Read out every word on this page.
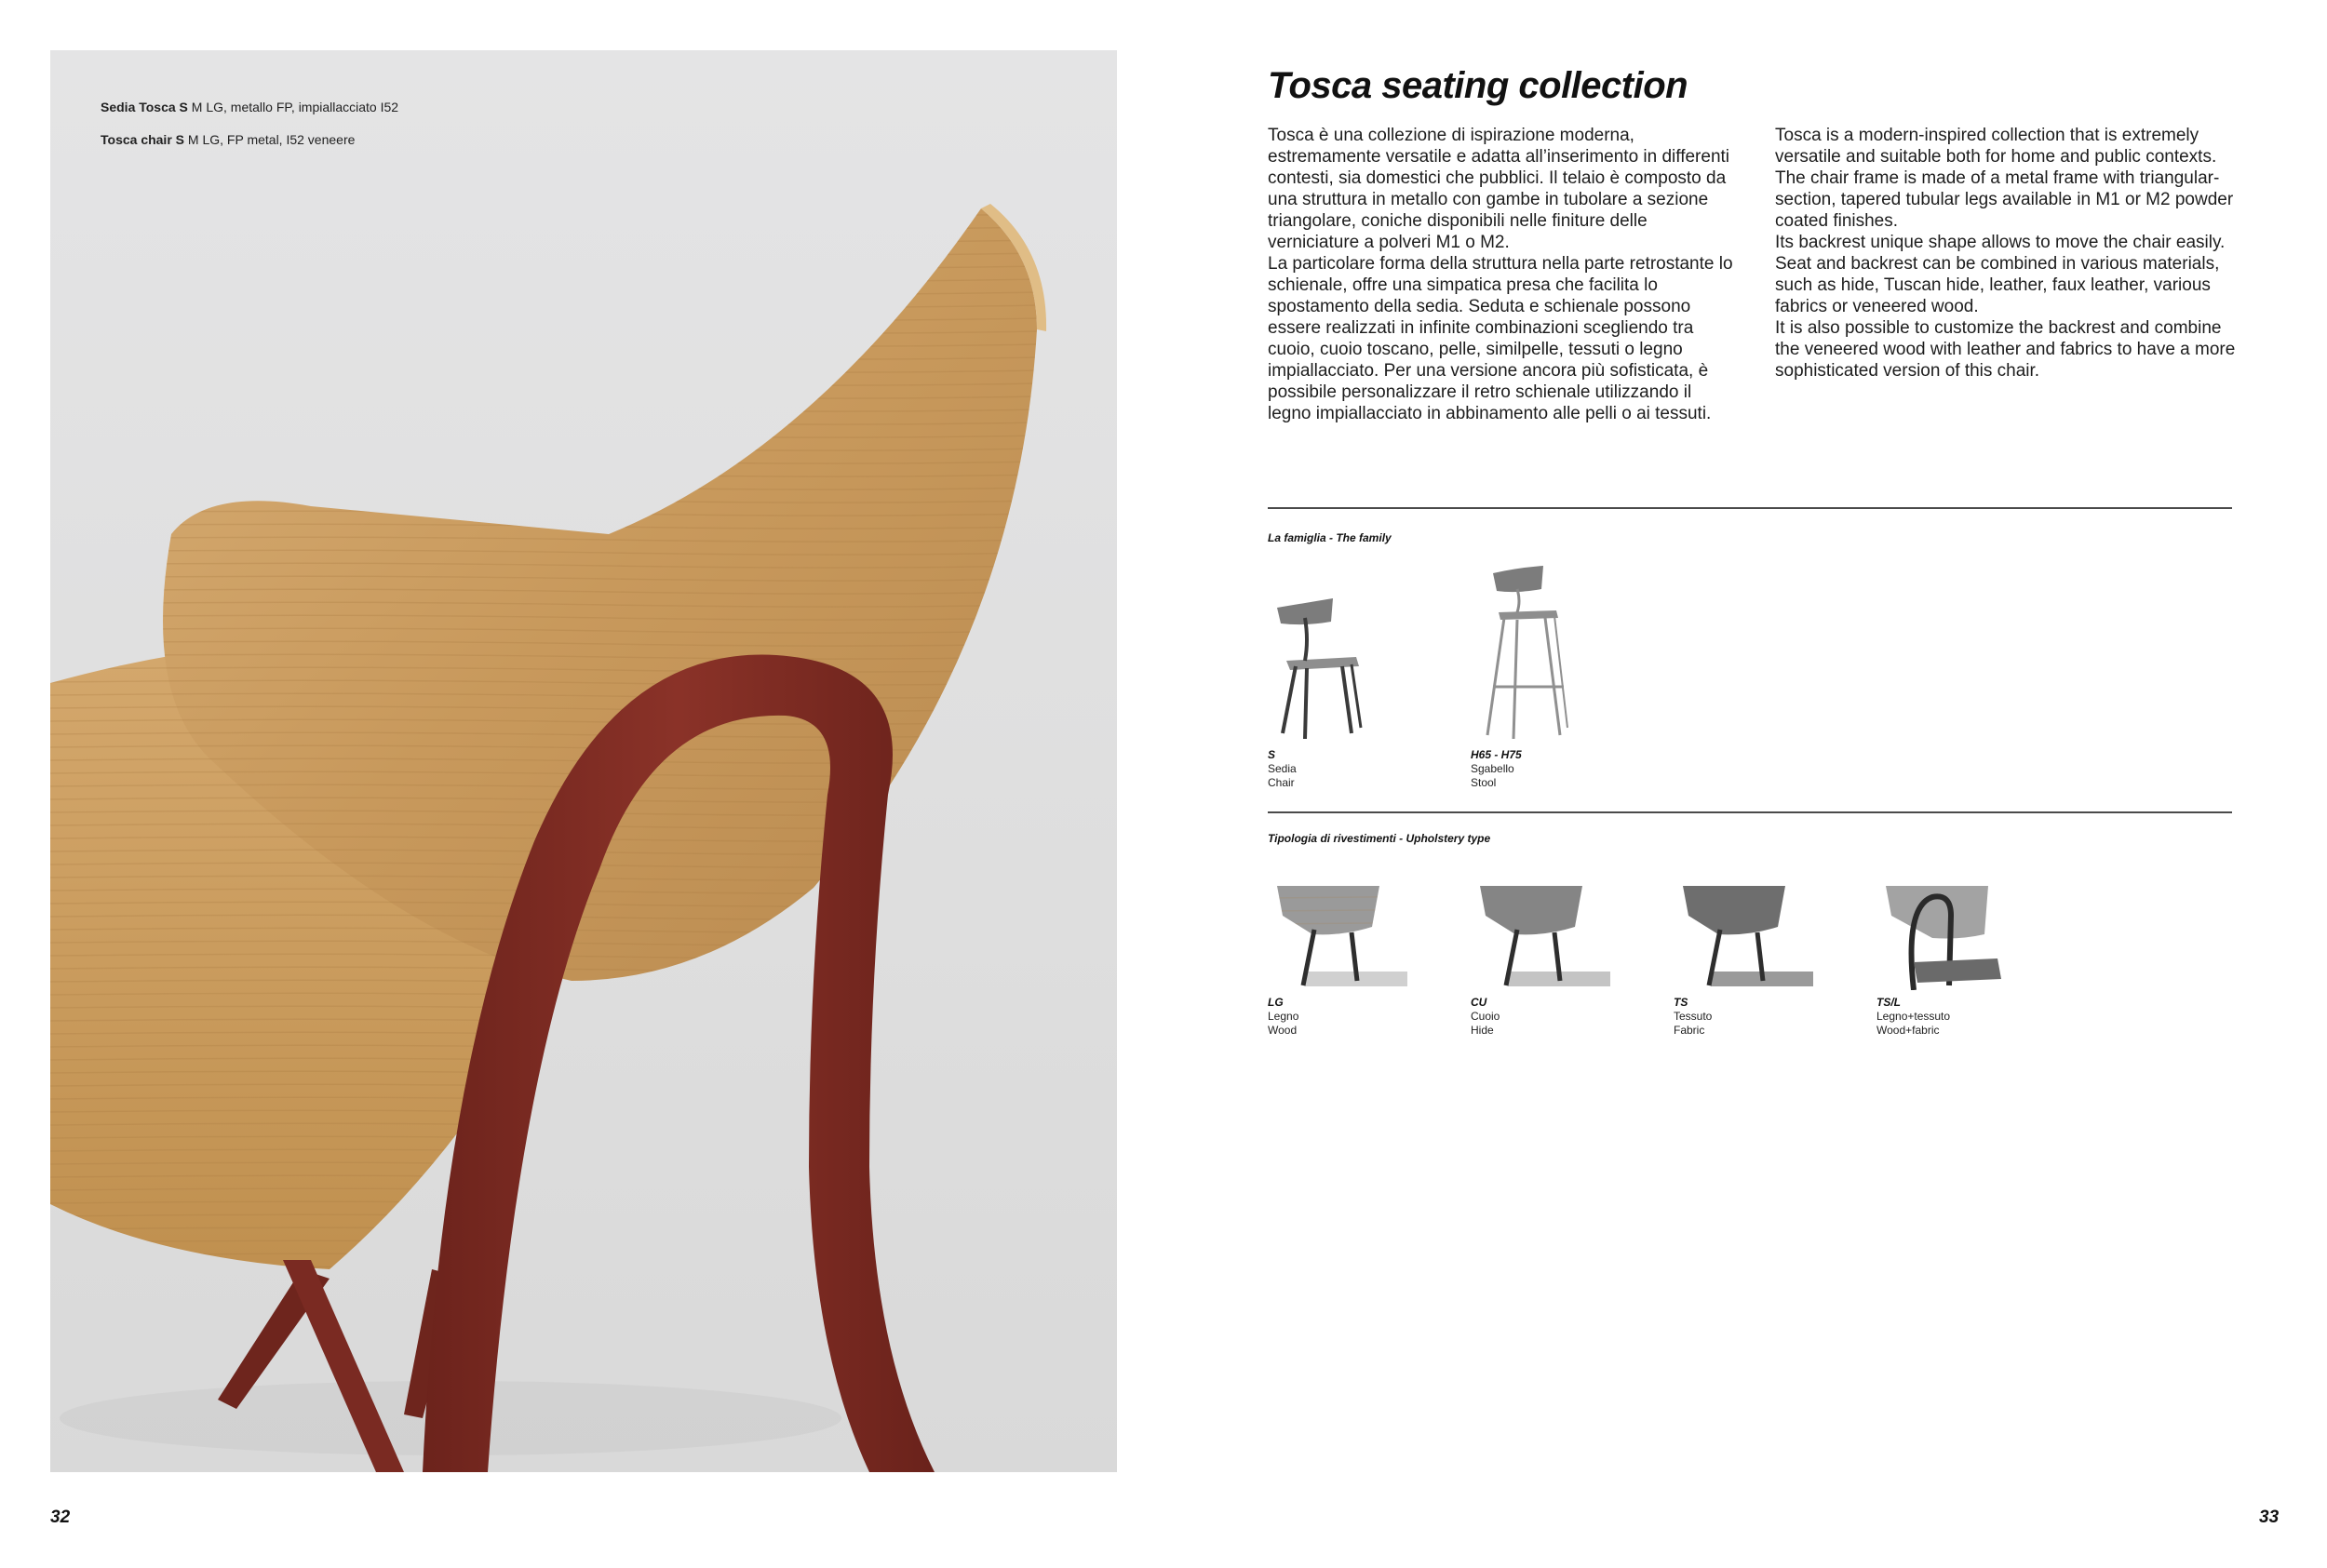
Sedia Tosca S M LG, metallo FP, impiallacciato I52
Tosca chair S M LG, FP metal, I52 veneere
32
Tosca seating collection

Tosca è una collezione di ispirazione moderna, estremamente versatile e adatta all’inserimento in differenti contesti, sia domestici che pubblici. Il telaio è composto da una struttura in metallo con gambe in tubolare a sezione triangolare, coniche disponibili nelle finiture delle verniciature a polveri M1 o M2.

La particolare forma della struttura nella parte retrostante lo schienale, offre una simpatica presa che facilita lo spostamento della sedia. Seduta e schienale possono essere realizzati in infinite combinazioni scegliendo tra cuoio, cuoio toscano, pelle, similpelle, tessuti o legno impiallacciato. Per una versione ancora più sofisticata, è possibile personalizzare il retro schienale utilizzando il legno impiallacciato in abbinamento alle pelli o ai tessuti.

Tosca is a modern-inspired collection that is extremely versatile and suitable both for home and public contexts. The chair frame is made of a metal frame with triangular-section, tapered tubular legs available in M1 or M2 powder coated finishes.

Its backrest unique shape allows to move the chair easily. Seat and backrest can be combined in various materials, such as hide, Tuscan hide, leather, faux leather, various fabrics or veneered wood.

It is also possible to customize the backrest and combine the veneered wood with leather and fabrics to have a more sophisticated version of this chair.

La famiglia - The family
S
Sedia
Chair
H65 - H75
Sgabello
Stool
Tipologia di rivestimenti - Upholstery type
LG
Legno
Wood
CU
Cuoio
Hide
TS
Tessuto
Fabric
TS/L
Legno+tessuto
Wood+fabric
33
